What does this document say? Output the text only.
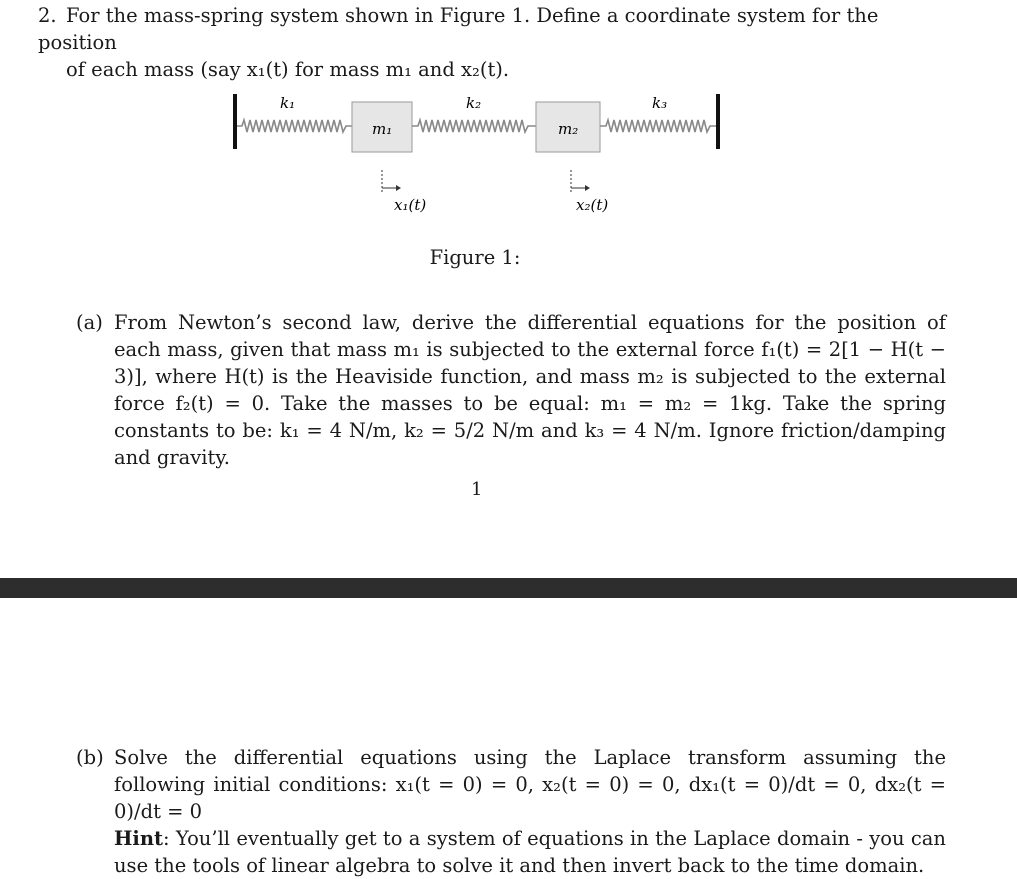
2. For the mass-spring system shown in Figure 1. Define a coordinate system for the position
of each mass (say x₁(t) for mass m₁ and x₂(t).
k₁	k₂	k₃
m₁	m₂
x₁(t)	x₂(t)
Figure 1:
(a) From Newton’s second law, derive the differential equations for the position of each mass, given that mass m₁ is subjected to the external force f₁(t) = 2[1 − H(t − 3)], where H(t) is the Heaviside function, and mass m₂ is subjected to the external force f₂(t) = 0. Take the masses to be equal: m₁ = m₂ = 1kg. Take the spring constants to be: k₁ = 4 N/m, k₂ = 5/2 N/m and k₃ = 4 N/m. Ignore friction/damping and gravity.
1
(b) Solve the differential equations using the Laplace transform assuming the following initial conditions: x₁(t = 0) = 0, x₂(t = 0) = 0, dx₁(t = 0)/dt = 0, dx₂(t = 0)/dt = 0
Hint: You’ll eventually get to a system of equations in the Laplace domain - you can use the tools of linear algebra to solve it and then invert back to the time domain.
